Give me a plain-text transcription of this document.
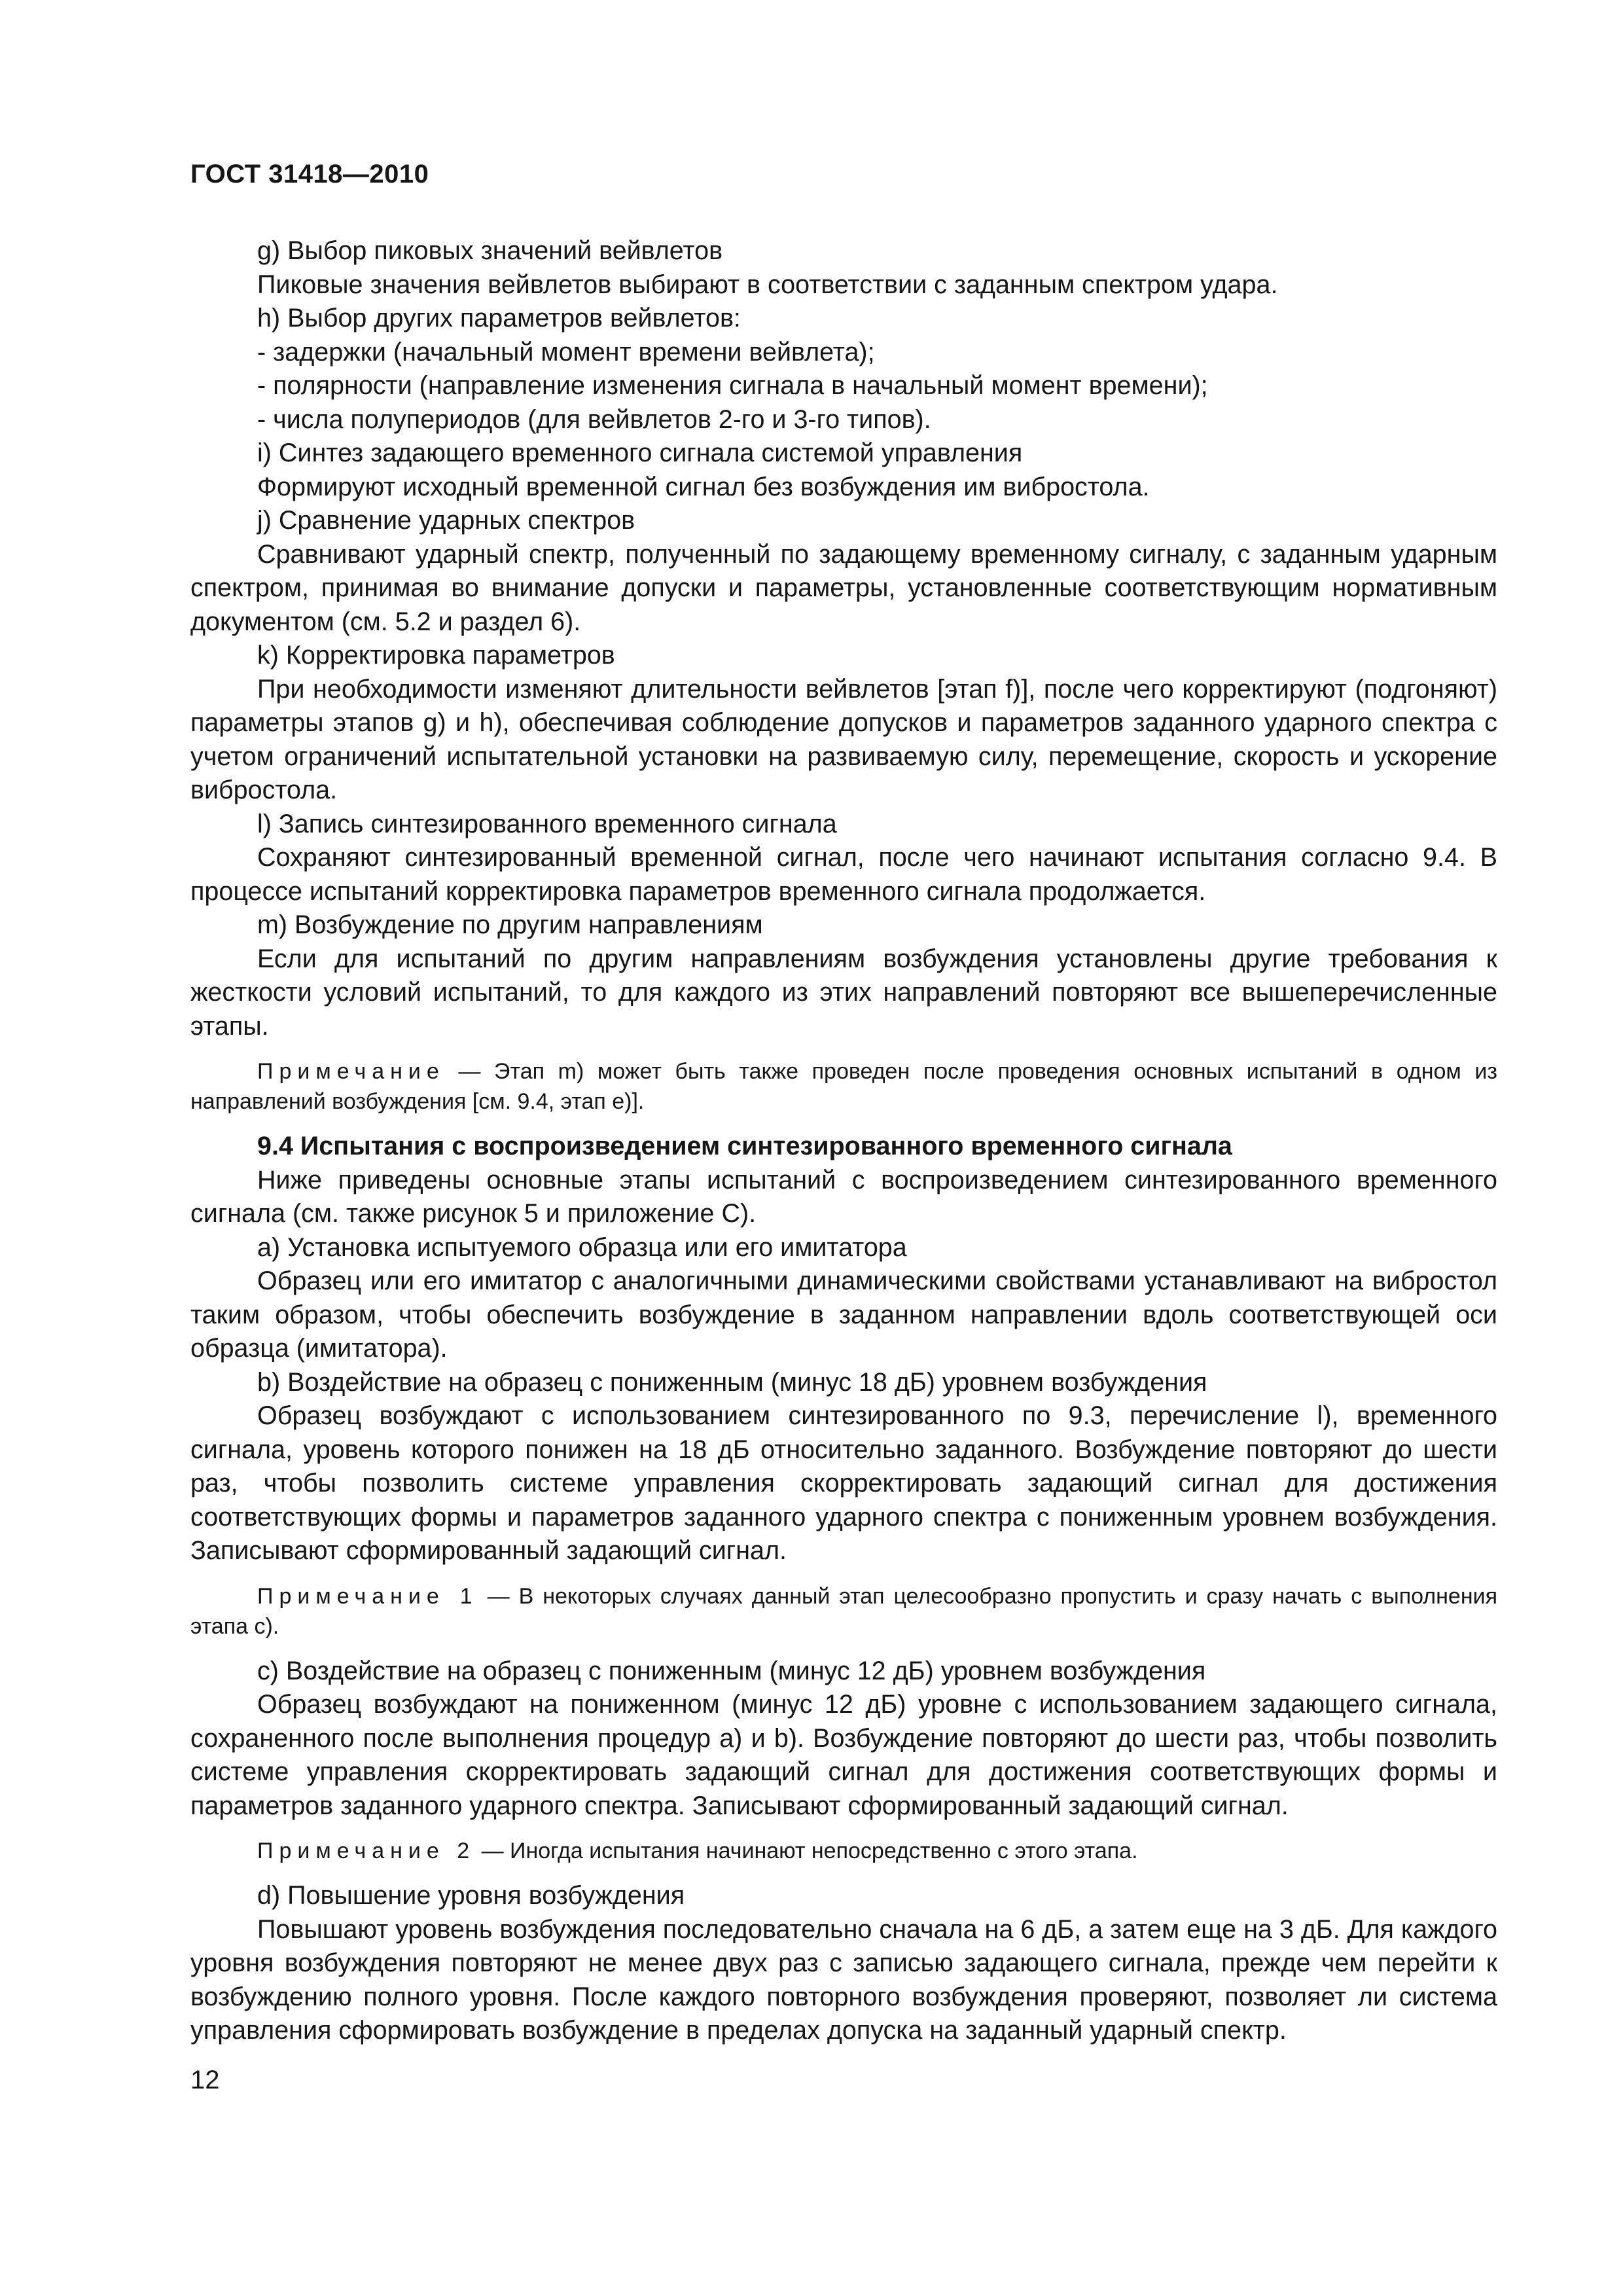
ГОСТ 31418—2010

g) Выбор пиковых значений вейвлетов

Пиковые значения вейвлетов выбирают в соответствии с заданным спектром удара.

h) Выбор других параметров вейвлетов:

- задержки (начальный момент времени вейвлета);

- полярности (направление изменения сигнала в начальный момент времени);

- числа полупериодов (для вейвлетов 2-го и 3-го типов).

i) Синтез задающего временного сигнала системой управления

Формируют исходный временной сигнал без возбуждения им вибростола.

j) Сравнение ударных спектров

Сравнивают ударный спектр, полученный по задающему временному сигналу, с заданным ударным спектром, принимая во внимание допуски и параметры, установленные соответствующим нормативным документом (см. 5.2 и раздел 6).

k) Корректировка параметров

При необходимости изменяют длительности вейвлетов [этап f)], после чего корректируют (подгоняют) параметры этапов g) и h), обеспечивая соблюдение допусков и параметров заданного ударного спектра с учетом ограничений испытательной установки на развиваемую силу, перемещение, скорость и ускорение вибростола.

l) Запись синтезированного временного сигнала

Сохраняют синтезированный временной сигнал, после чего начинают испытания согласно 9.4. В процессе испытаний корректировка параметров временного сигнала продолжается.

m) Возбуждение по другим направлениям

Если для испытаний по другим направлениям возбуждения установлены другие требования к жесткости условий испытаний, то для каждого из этих направлений повторяют все вышеперечисленные этапы.

Примечание — Этап m) может быть также проведен после проведения основных испытаний в одном из направлений возбуждения [см. 9.4, этап е)].

9.4 Испытания с воспроизведением синтезированного временного сигнала

Ниже приведены основные этапы испытаний с воспроизведением синтезированного временного сигнала (см. также рисунок 5 и приложение С).

a) Установка испытуемого образца или его имитатора

Образец или его имитатор с аналогичными динамическими свойствами устанавливают на вибростол таким образом, чтобы обеспечить возбуждение в заданном направлении вдоль соответствующей оси образца (имитатора).

b) Воздействие на образец с пониженным (минус 18 дБ) уровнем возбуждения

Образец возбуждают с использованием синтезированного по 9.3, перечисление l), временного сигнала, уровень которого понижен на 18 дБ относительно заданного. Возбуждение повторяют до шести раз, чтобы позволить системе управления скорректировать задающий сигнал для достижения соответствующих формы и параметров заданного ударного спектра с пониженным уровнем возбуждения. Записывают сформированный задающий сигнал.

Примечание 1 — В некоторых случаях данный этап целесообразно пропустить и сразу начать с выполнения этапа с).

c) Воздействие на образец с пониженным (минус 12 дБ) уровнем возбуждения

Образец возбуждают на пониженном (минус 12 дБ) уровне с использованием задающего сигнала, сохраненного после выполнения процедур а) и b). Возбуждение повторяют до шести раз, чтобы позволить системе управления скорректировать задающий сигнал для достижения соответствующих формы и параметров заданного ударного спектра. Записывают сформированный задающий сигнал.

Примечание 2 — Иногда испытания начинают непосредственно с этого этапа.

d) Повышение уровня возбуждения

Повышают уровень возбуждения последовательно сначала на 6 дБ, а затем еще на 3 дБ. Для каждого уровня возбуждения повторяют не менее двух раз с записью задающего сигнала, прежде чем перейти к возбуждению полного уровня. После каждого повторного возбуждения проверяют, позволяет ли система управления сформировать возбуждение в пределах допуска на заданный ударный спектр.

12
